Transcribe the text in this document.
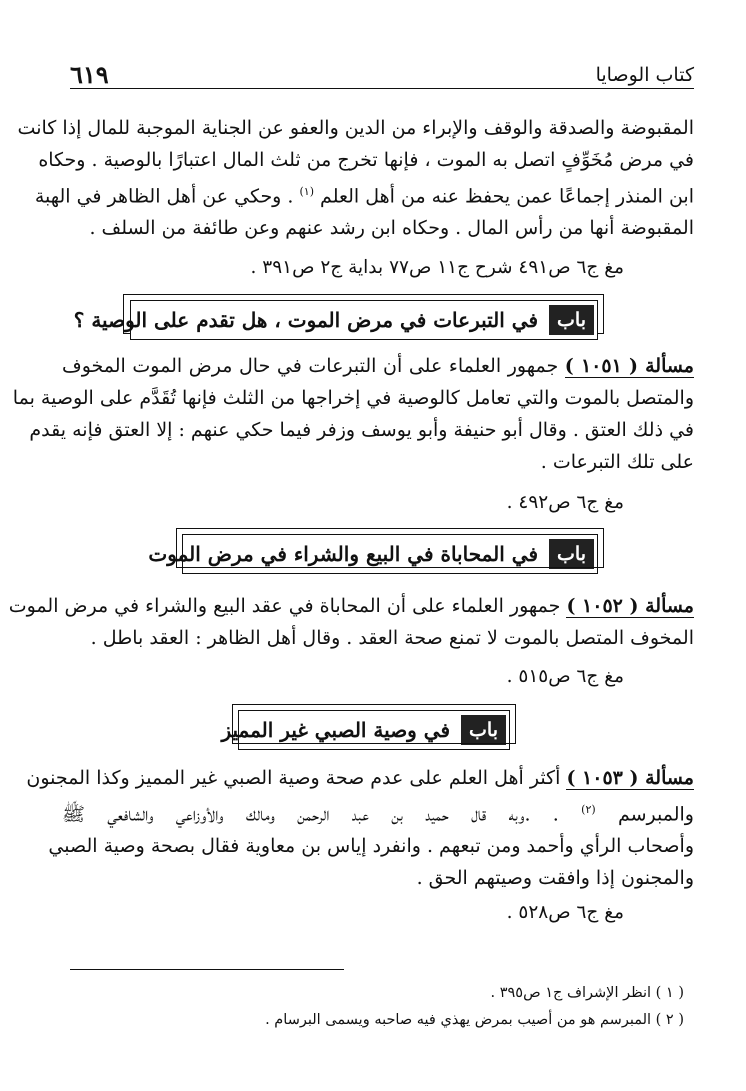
كتاب الوصايا
٦١٩
المقبوضة والصدقة والوقف والإبراء من الدين والعفو عن الجناية الموجبة للمال إذا كانت
في مرض مُخَوِّفٍ اتصل به الموت ، فإنها تخرج من ثلث المال اعتبارًا بالوصية . وحكاه
ابن المنذر إجماعًا عمن يحفظ عنه من أهل العلم $^{(١)}$ . وحكي عن أهل الظاهر في الهبة
المقبوضة أنها من رأس المال . وحكاه ابن رشد عنهم وعن طائفة من السلف .
مغ ج٦ ص٤٩١ شرح ج١١ ص٧٧ بداية ج٢ ص٣٩١ .
باب
في التبرعات في مرض الموت ، هل تقدم على الوصية ؟
مسألة ( ١٠٥١ ) جمهور العلماء على أن التبرعات في حال مرض الموت المخوف
والمتصل بالموت والتي تعامل كالوصية في إخراجها من الثلث فإنها تُقَدَّم على الوصية بما
في ذلك العتق . وقال أبو حنيفة وأبو يوسف وزفر فيما حكي عنهم : إلا العتق فإنه يقدم
على تلك التبرعات .
مغ ج٦ ص٤٩٢ .
باب
في المحاباة في البيع والشراء في مرض الموت
مسألة ( ١٠٥٢ ) جمهور العلماء على أن المحاباة في عقد البيع والشراء في مرض الموت
المخوف المتصل بالموت لا تمنع صحة العقد . وقال أهل الظاهر : العقد باطل .
مغ ج٦ ص٥١٥ .
باب
في وصية الصبي غير المميز
مسألة ( ١٠٥٣ ) أكثر أهل العلم على عدم صحة وصية الصبي غير المميز وكذا المجنون
والمبرسم $^{(٢)}$ . .وبه قال حميد بن عبد الرحمن ومالك والأوزاعي والشافعي ﷺ
وأصحاب الرأي وأحمد ومن تبعهم . وانفرد إياس بن معاوية فقال بصحة وصية الصبي
والمجنون إذا وافقت وصيتهم الحق .
مغ ج٦ ص٥٢٨ .
( ١ ) انظر الإشراف ج١ ص٣٩٥ .
( ٢ ) المبرسم هو من أصيب بمرض يهذي فيه صاحبه ويسمى البرسام .
